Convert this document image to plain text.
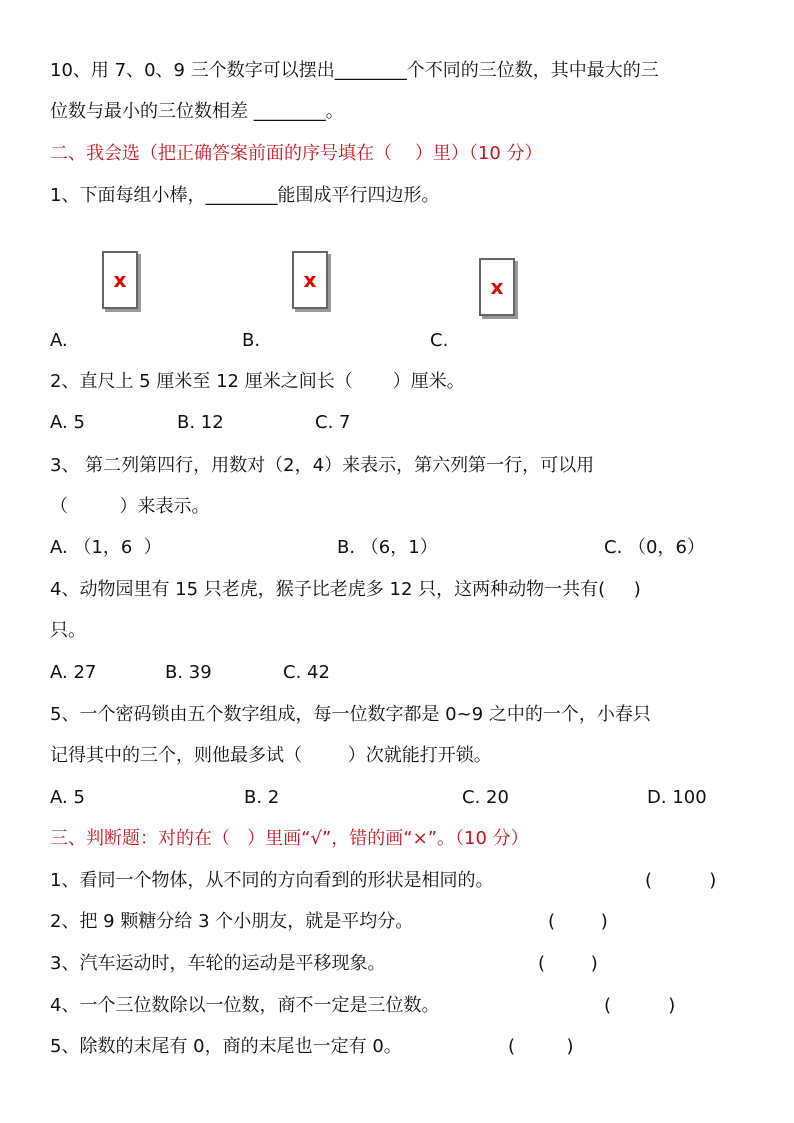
10、用 7、0、9 三个数字可以摆出________个不同的三位数，其中最大的三
位数与最小的三位数相差 ________。
二、我会选（把正确答案前面的序号填在（    ）里）（10 分）
1、下面每组小棒，________能围成平行四边形。
x	x	x
A.	B.	C.
2、直尺上 5 厘米至 12 厘米之间长（       ）厘米。
A. 5	B. 12	C. 7
3、 第二列第四行，用数对（2，4）来表示，第六列第一行，可以用
（         ）来表示。
A. （1，6  ）	B. （6，1）	C. （0，6）
4、动物园里有 15 只老虎，猴子比老虎多 12 只，这两种动物一共有(     )
只。
A. 27	B. 39	C. 42
5、一个密码锁由五个数字组成，每一位数字都是 0~9 之中的一个，小春只
记得其中的三个，则他最多试（        ）次就能打开锁。
A. 5	B. 2	C. 20	D. 100
三、判断题：对的在（   ）里画“√”，错的画“×”。（10 分）
1、看同一个物体，从不同的方向看到的形状是相同的。	(          )
2、把 9 颗糖分给 3 个小朋友，就是平均分。	(        )
3、汽车运动时，车轮的运动是平移现象。	(        )
4、一个三位数除以一位数，商不一定是三位数。	(          )
5、除数的末尾有 0，商的末尾也一定有 0。	(         )
